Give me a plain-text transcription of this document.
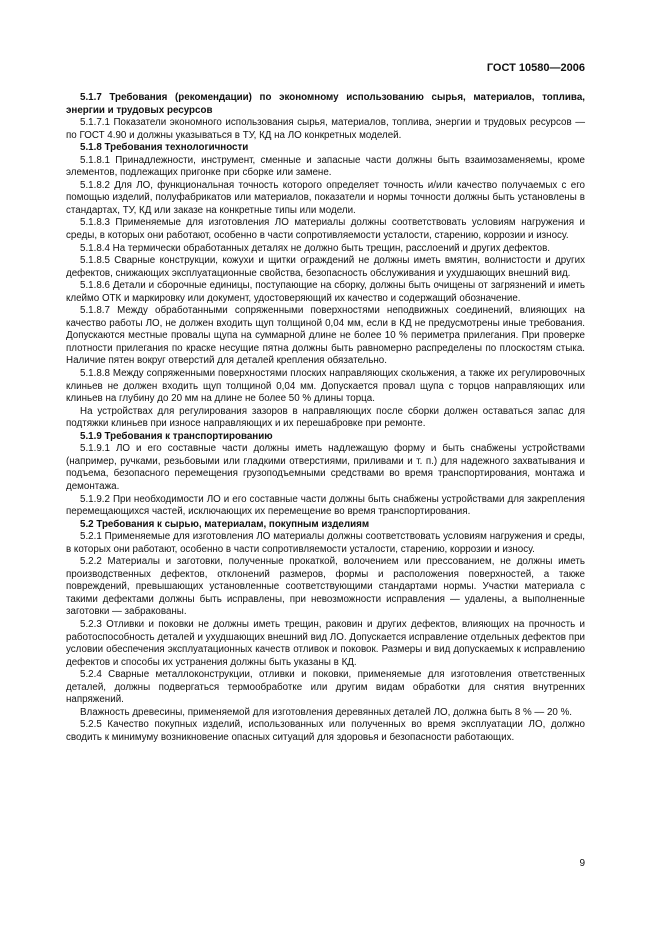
ГОСТ 10580—2006

5.1.7 Требования (рекомендации) по экономному использованию сырья, материалов, топлива, энергии и трудовых ресурсов

5.1.7.1 Показатели экономного использования сырья, материалов, топлива, энергии и трудовых ресурсов — по ГОСТ 4.90 и должны указываться в ТУ, КД на ЛО конкретных моделей.

5.1.8 Требования технологичности

5.1.8.1 Принадлежности, инструмент, сменные и запасные части должны быть взаимозаменяемы, кроме элементов, подлежащих пригонке при сборке или замене.

5.1.8.2 Для ЛО, функциональная точность которого определяет точность и/или качество получаемых с его помощью изделий, полуфабрикатов или материалов, показатели и нормы точности должны быть установлены в стандартах, ТУ, КД или заказе на конкретные типы или модели.

5.1.8.3 Применяемые для изготовления ЛО материалы должны соответствовать условиям нагружения и среды, в которых они работают, особенно в части сопротивляемости усталости, старению, коррозии и износу.

5.1.8.4 На термически обработанных деталях не должно быть трещин, расслоений и других дефектов.

5.1.8.5 Сварные конструкции, кожухи и щитки ограждений не должны иметь вмятин, волнистости и других дефектов, снижающих эксплуатационные свойства, безопасность обслуживания и ухудшающих внешний вид.

5.1.8.6 Детали и сборочные единицы, поступающие на сборку, должны быть очищены от загрязнений и иметь клеймо ОТК и маркировку или документ, удостоверяющий их качество и содержащий обозначение.

5.1.8.7 Между обработанными сопряженными поверхностями неподвижных соединений, влияющих на качество работы ЛО, не должен входить щуп толщиной 0,04 мм, если в КД не предусмотрены иные требования. Допускаются местные провалы щупа на суммарной длине не более 10 % периметра прилегания. При проверке плотности прилегания по краске несущие пятна должны быть равномерно распределены по плоскостям стыка. Наличие пятен вокруг отверстий для деталей крепления обязательно.

5.1.8.8 Между сопряженными поверхностями плоских направляющих скольжения, а также их регулировочных клиньев не должен входить щуп толщиной 0,04 мм. Допускается провал щупа с торцов направляющих или клиньев на глубину до 20 мм на длине не более 50 % длины торца.

На устройствах для регулирования зазоров в направляющих после сборки должен оставаться запас для подтяжки клиньев при износе направляющих и их перешабровке при ремонте.

5.1.9 Требования к транспортированию

5.1.9.1 ЛО и его составные части должны иметь надлежащую форму и быть снабжены устройствами (например, ручками, резьбовыми или гладкими отверстиями, приливами и т. п.) для надежного захватывания и подъема, безопасного перемещения грузоподъемными средствами во время транспортирования, монтажа и демонтажа.

5.1.9.2 При необходимости ЛО и его составные части должны быть снабжены устройствами для закрепления перемещающихся частей, исключающих их перемещение во время транспортирования.

5.2 Требования к сырью, материалам, покупным изделиям

5.2.1 Применяемые для изготовления ЛО материалы должны соответствовать условиям нагружения и среды, в которых они работают, особенно в части сопротивляемости усталости, старению, коррозии и износу.

5.2.2 Материалы и заготовки, полученные прокаткой, волочением или прессованием, не должны иметь производственных дефектов, отклонений размеров, формы и расположения поверхностей, а также повреждений, превышающих установленные соответствующими стандартами нормы. Участки материала с такими дефектами должны быть исправлены, при невозможности исправления — удалены, а выполненные заготовки — забракованы.

5.2.3 Отливки и поковки не должны иметь трещин, раковин и других дефектов, влияющих на прочность и работоспособность деталей и ухудшающих внешний вид ЛО. Допускается исправление отдельных дефектов при условии обеспечения эксплуатационных качеств отливок и поковок. Размеры и вид допускаемых к исправлению дефектов и способы их устранения должны быть указаны в КД.

5.2.4 Сварные металлоконструкции, отливки и поковки, применяемые для изготовления ответственных деталей, должны подвергаться термообработке или другим видам обработки для снятия внутренних напряжений.

Влажность древесины, применяемой для изготовления деревянных деталей ЛО, должна быть 8 % — 20 %.

5.2.5 Качество покупных изделий, использованных или полученных во время эксплуатации ЛО, должно сводить к минимуму возникновение опасных ситуаций для здоровья и безопасности работающих.

9
